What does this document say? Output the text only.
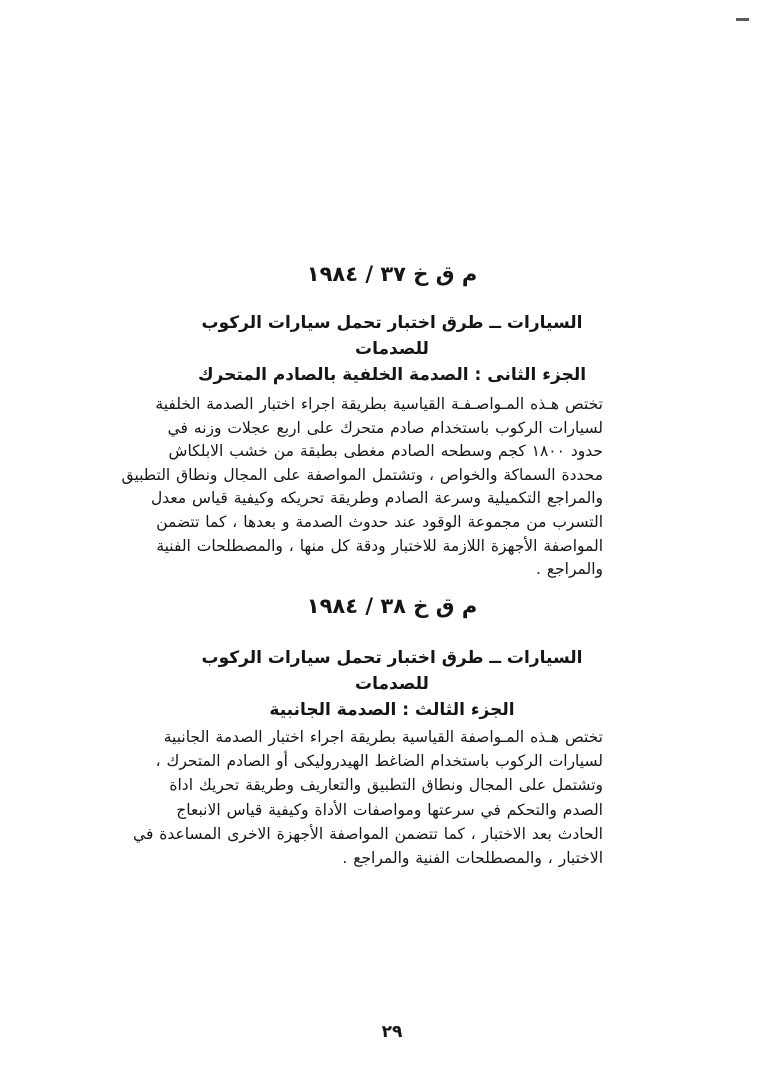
م ق خ ٣٧ / ١٩٨٤
السيارات ــ طرق اختبار تحمل سيارات الركوب للصدمات
الجزء الثانى : الصدمة الخلفية بالصادم المتحرك
تختص هـذه المـواصـفـة القياسية بطريقة اجراء اختبار الصدمة الخلفية
لسيارات الركوب باستخدام صادم متحرك على اربع عجلات وزنه في
حدود ١٨٠٠ كجم وسطحه الصادم مغطى بطبقة من خشب الابلكاش
محددة السماكة والخواص ، وتشتمل المواصفة على المجال ونطاق التطبيق
والمراجع التكميلية وسرعة الصادم وطريقة تحريكه وكيفية قياس معدل
التسرب من مجموعة الوقود عند حدوث الصدمة و بعدها ، كما تتضمن
المواصفة الأجهزة اللازمة للاختبار ودقة كل منها ، والمصطلحات الفنية
والمراجع .
م ق خ ٣٨ / ١٩٨٤
السيارات ــ طرق اختبار تحمل سيارات الركوب للصدمات
الجزء الثالث : الصدمة الجانبية
تختص هـذه المـواصفة القياسية بطريقة اجراء اختبار الصدمة الجانبية
لسيارات الركوب باستخدام الضاغط الهيدروليكى أو الصادم المتحرك ،
وتشتمل على المجال ونطاق التطبيق والتعاريف وطريقة تحريك اداة
الصدم والتحكم في سرعتها ومواصفات الأداة وكيفية قياس الانبعاج
الحادث بعد الاختبار ، كما تتضمن المواصفة الأجهزة الاخرى المساعدة في
الاختبار ، والمصطلحات الفنية والمراجع .
٢٩
